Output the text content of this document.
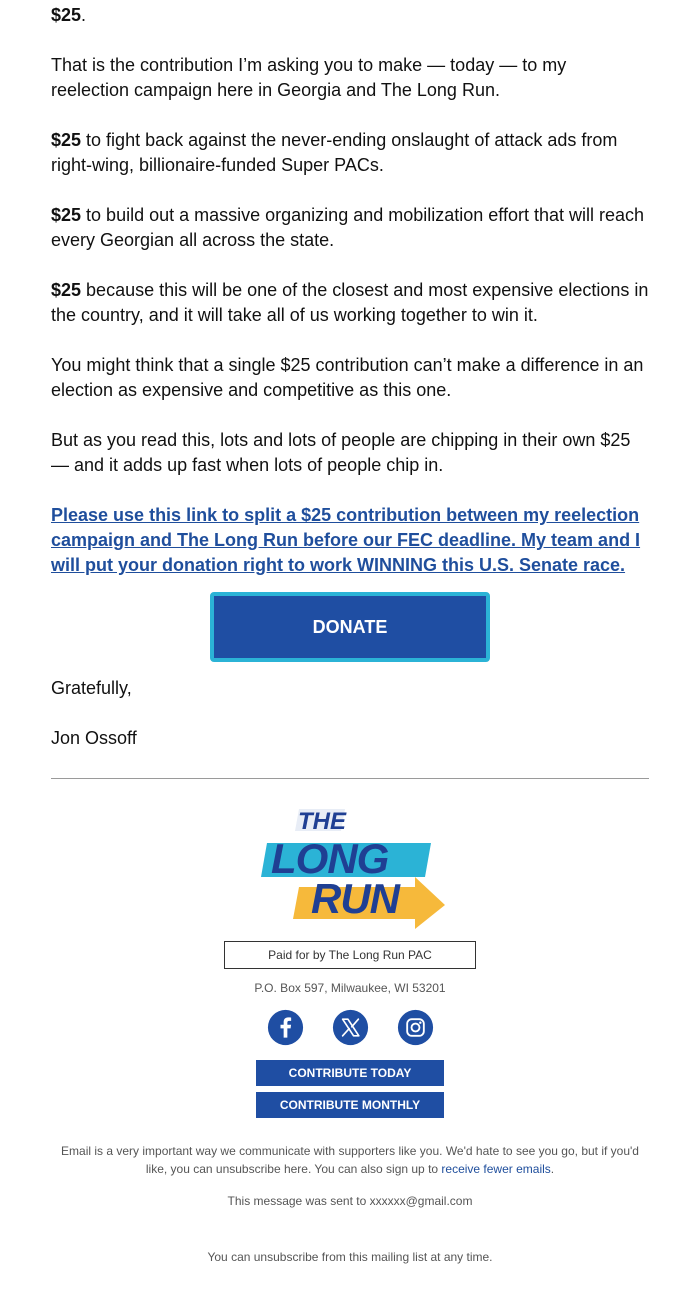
$25.

That is the contribution I’m asking you to make — today — to my reelection campaign here in Georgia and The Long Run.

$25 to fight back against the never-ending onslaught of attack ads from right-wing, billionaire-funded Super PACs.

$25 to build out a massive organizing and mobilization effort that will reach every Georgian all across the state.

$25 because this will be one of the closest and most expensive elections in the country, and it will take all of us working together to win it.

You might think that a single $25 contribution can’t make a difference in an election as expensive and competitive as this one.

But as you read this, lots and lots of people are chipping in their own $25 — and it adds up fast when lots of people chip in.

Please use this link to split a $25 contribution between my reelection campaign and The Long Run before our FEC deadline. My team and I will put your donation right to work WINNING this U.S. Senate race.
DONATE

Gratefully,

Jon Ossoff

THE
LONG
RUN
Paid for by The Long Run PAC
P.O. Box 597, Milwaukee, WI 53201
CONTRIBUTE TODAY
CONTRIBUTE MONTHLY

Email is a very important way we communicate with supporters like you. We'd hate to see you go, but if you'd like, you can unsubscribe here. You can also sign up to receive fewer emails.

This message was sent to xxxxxx@gmail.com
You can unsubscribe from this mailing list at any time.
